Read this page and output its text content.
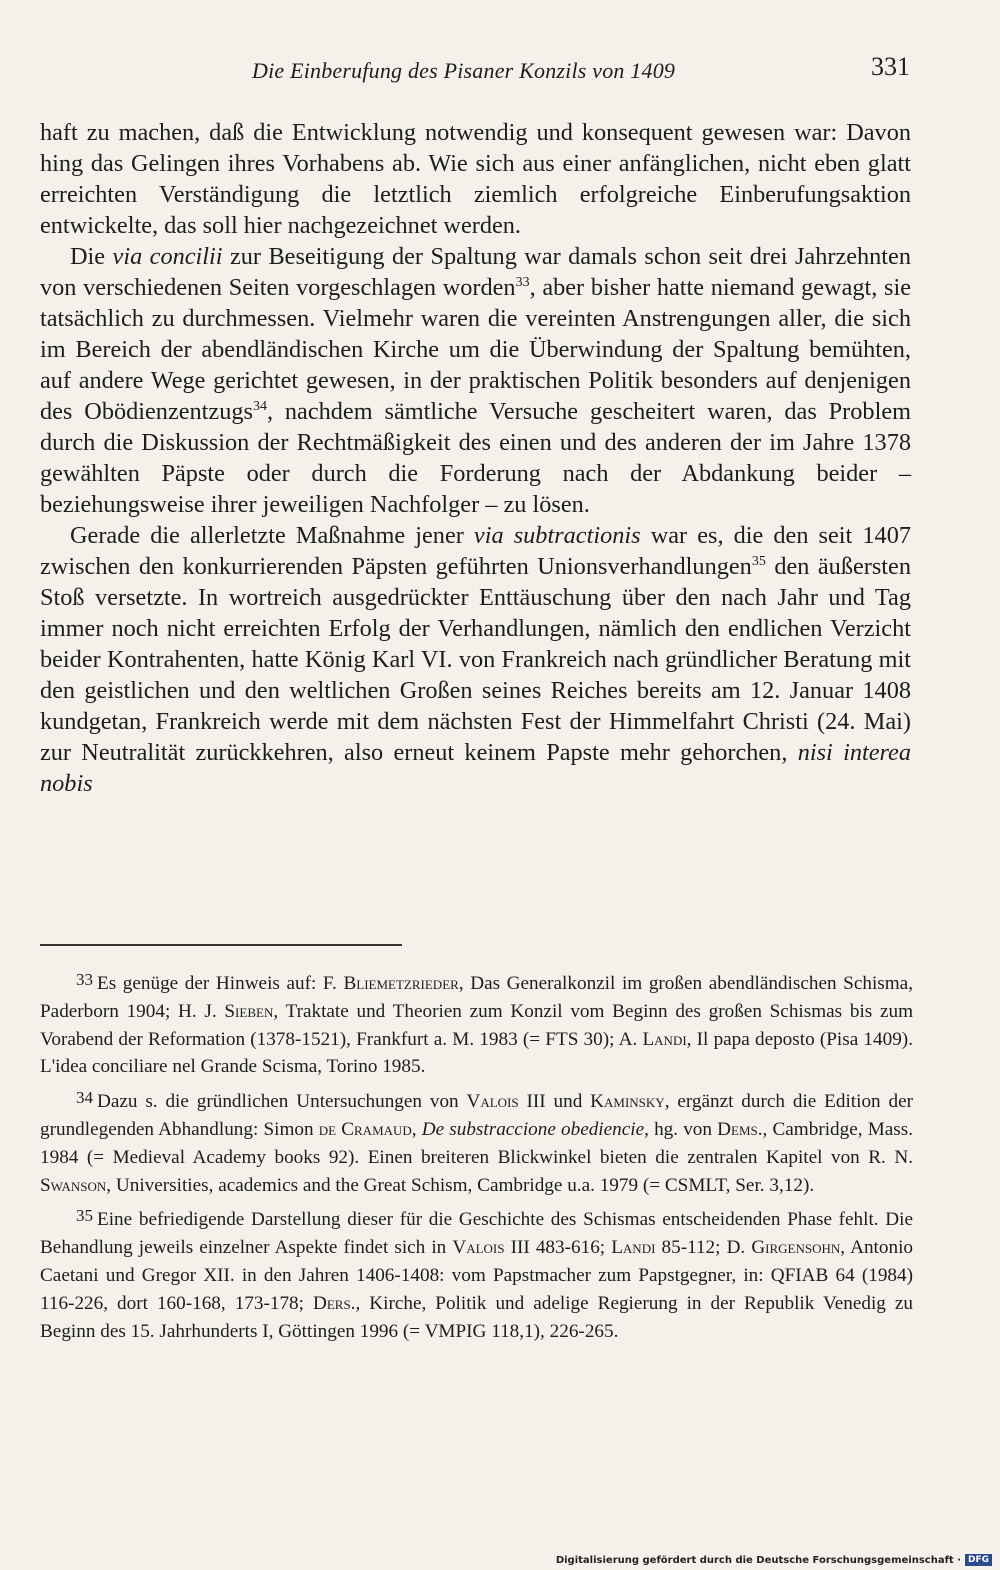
Die Einberufung des Pisaner Konzils von 1409	331

haft zu machen, daß die Entwicklung notwendig und konsequent gewesen war: Davon hing das Gelingen ihres Vorhabens ab. Wie sich aus einer anfänglichen, nicht eben glatt erreichten Verständigung die letztlich ziemlich erfolgreiche Einberufungsaktion entwickelte, das soll hier nachgezeichnet werden.

Die via concilii zur Beseitigung der Spaltung war damals schon seit drei Jahrzehnten von verschiedenen Seiten vorgeschlagen worden$^{33}$, aber bisher hatte niemand gewagt, sie tatsächlich zu durchmessen. Vielmehr waren die vereinten Anstrengungen aller, die sich im Bereich der abendländischen Kirche um die Überwindung der Spaltung bemühten, auf andere Wege gerichtet gewesen, in der praktischen Politik besonders auf denjenigen des Obödienzentzugs$^{34}$, nachdem sämtliche Versuche gescheitert waren, das Problem durch die Diskussion der Rechtmäßigkeit des einen und des anderen der im Jahre 1378 gewählten Päpste oder durch die Forderung nach der Abdankung beider – beziehungsweise ihrer jeweiligen Nachfolger – zu lösen.

Gerade die allerletzte Maßnahme jener via subtractionis war es, die den seit 1407 zwischen den konkurrierenden Päpsten geführten Unionsverhandlungen$^{35}$ den äußersten Stoß versetzte. In wortreich ausgedrückter Enttäuschung über den nach Jahr und Tag immer noch nicht erreichten Erfolg der Verhandlungen, nämlich den endlichen Verzicht beider Kontrahenten, hatte König Karl VI. von Frankreich nach gründlicher Beratung mit den geistlichen und den weltlichen Großen seines Reiches bereits am 12. Januar 1408 kundgetan, Frankreich werde mit dem nächsten Fest der Himmelfahrt Christi (24. Mai) zur Neutralität zurückkehren, also erneut keinem Papste mehr gehorchen, nisi interea nobis

33 Es genüge der Hinweis auf: F. Bliemetzrieder, Das Generalkonzil im großen abendländischen Schisma, Paderborn 1904; H. J. Sieben, Traktate und Theorien zum Konzil vom Beginn des großen Schismas bis zum Vorabend der Reformation (1378-1521), Frankfurt a. M. 1983 (= FTS 30); A. Landi, Il papa deposto (Pisa 1409). L'idea conciliare nel Grande Scisma, Torino 1985.

34 Dazu s. die gründlichen Untersuchungen von Valois III und Kaminsky, ergänzt durch die Edition der grundlegenden Abhandlung: Simon de Cramaud, De substraccione obediencie, hg. von Dems., Cambridge, Mass. 1984 (= Medieval Academy books 92). Einen breiteren Blickwinkel bieten die zentralen Kapitel von R. N. Swanson, Universities, academics and the Great Schism, Cambridge u.a. 1979 (= CSMLT, Ser. 3,12).

35 Eine befriedigende Darstellung dieser für die Geschichte des Schismas entscheidenden Phase fehlt. Die Behandlung jeweils einzelner Aspekte findet sich in Valois III 483-616; Landi 85-112; D. Girgensohn, Antonio Caetani und Gregor XII. in den Jahren 1406-1408: vom Papstmacher zum Papstgegner, in: QFIAB 64 (1984) 116-226, dort 160-168, 173-178; Ders., Kirche, Politik und adelige Regierung in der Republik Venedig zu Beginn des 15. Jahrhunderts I, Göttingen 1996 (= VMPIG 118,1), 226-265.

Digitalisierung gefördert durch die Deutsche Forschungsgemeinschaft · DFG
